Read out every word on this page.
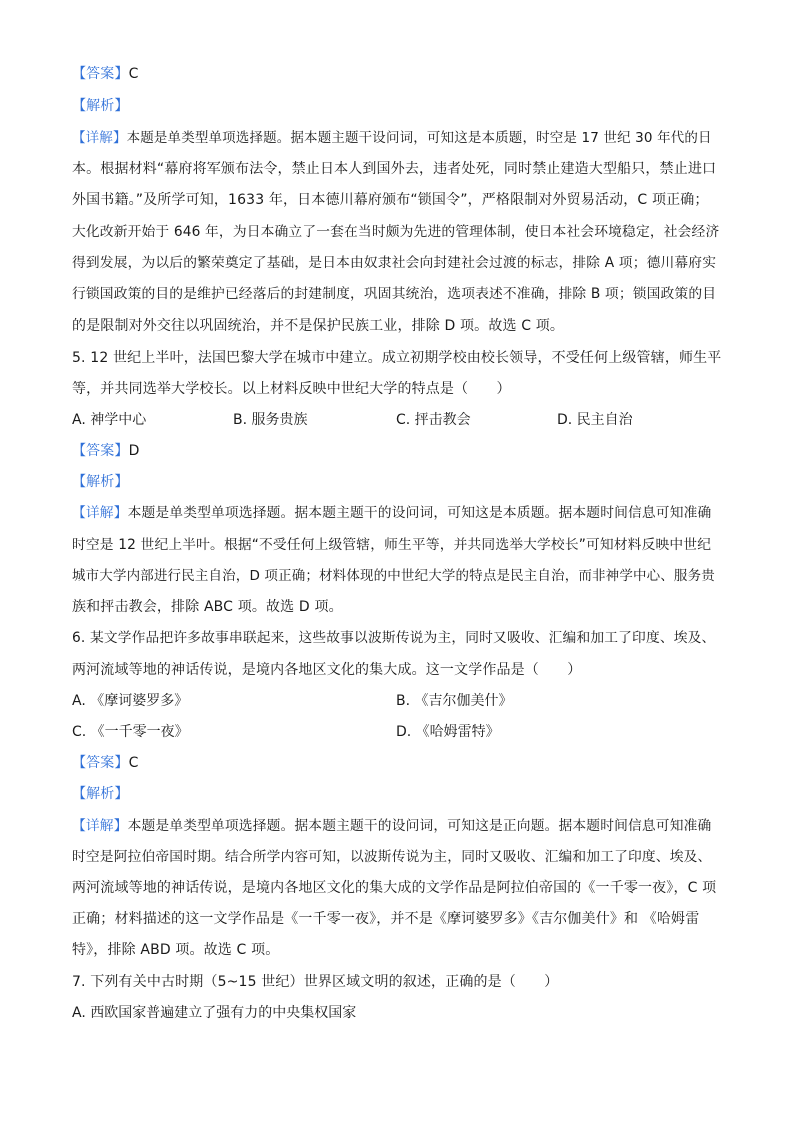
【答案】C
【解析】
【详解】本题是单类型单项选择题。据本题主题干设问词，可知这是本质题，时空是 17 世纪 30 年代的日
本。根据材料“幕府将军颁布法令，禁止日本人到国外去，违者处死，同时禁止建造大型船只，禁止进口
外国书籍。”及所学可知，1633 年，日本德川幕府颁布“锁国令”，严格限制对外贸易活动，C 项正确；
大化改新开始于 646 年，为日本确立了一套在当时颇为先进的管理体制，使日本社会环境稳定，社会经济
得到发展，为以后的繁荣奠定了基础，是日本由奴隶社会向封建社会过渡的标志，排除 A 项；德川幕府实
行锁国政策的目的是维护已经落后的封建制度，巩固其统治，选项表述不准确，排除 B 项；锁国政策的目
的是限制对外交往以巩固统治，并不是保护民族工业，排除 D 项。故选 C 项。
5. 12 世纪上半叶，法国巴黎大学在城市中建立。成立初期学校由校长领导，不受任何上级管辖，师生平
等，并共同选举大学校长。以上材料反映中世纪大学的特点是（　　）
A. 神学中心	B. 服务贵族	C. 抨击教会	D. 民主自治
【答案】D
【解析】
【详解】本题是单类型单项选择题。据本题主题干的设问词，可知这是本质题。据本题时间信息可知准确
时空是 12 世纪上半叶。根据“不受任何上级管辖，师生平等，并共同选举大学校长”可知材料反映中世纪
城市大学内部进行民主自治，D 项正确；材料体现的中世纪大学的特点是民主自治，而非神学中心、服务贵
族和抨击教会，排除 ABC 项。故选 D 项。
6. 某文学作品把许多故事串联起来，这些故事以波斯传说为主，同时又吸收、汇编和加工了印度、埃及、
两河流域等地的神话传说，是境内各地区文化的集大成。这一文学作品是（　　）
A. 《摩诃婆罗多》	B. 《吉尔伽美什》
C. 《一千零一夜》	D. 《哈姆雷特》
【答案】C
【解析】
【详解】本题是单类型单项选择题。据本题主题干的设问词，可知这是正向题。据本题时间信息可知准确
时空是阿拉伯帝国时期。结合所学内容可知，以波斯传说为主，同时又吸收、汇编和加工了印度、埃及、
两河流域等地的神话传说，是境内各地区文化的集大成的文学作品是阿拉伯帝国的《一千零一夜》，C 项
正确；材料描述的这一文学作品是《一千零一夜》，并不是《摩诃婆罗多》《吉尔伽美什》和 《哈姆雷
特》，排除 ABD 项。故选 C 项。
7. 下列有关中古时期（5~15 世纪）世界区域文明的叙述，正确的是（　　）
A. 西欧国家普遍建立了强有力的中央集权国家
